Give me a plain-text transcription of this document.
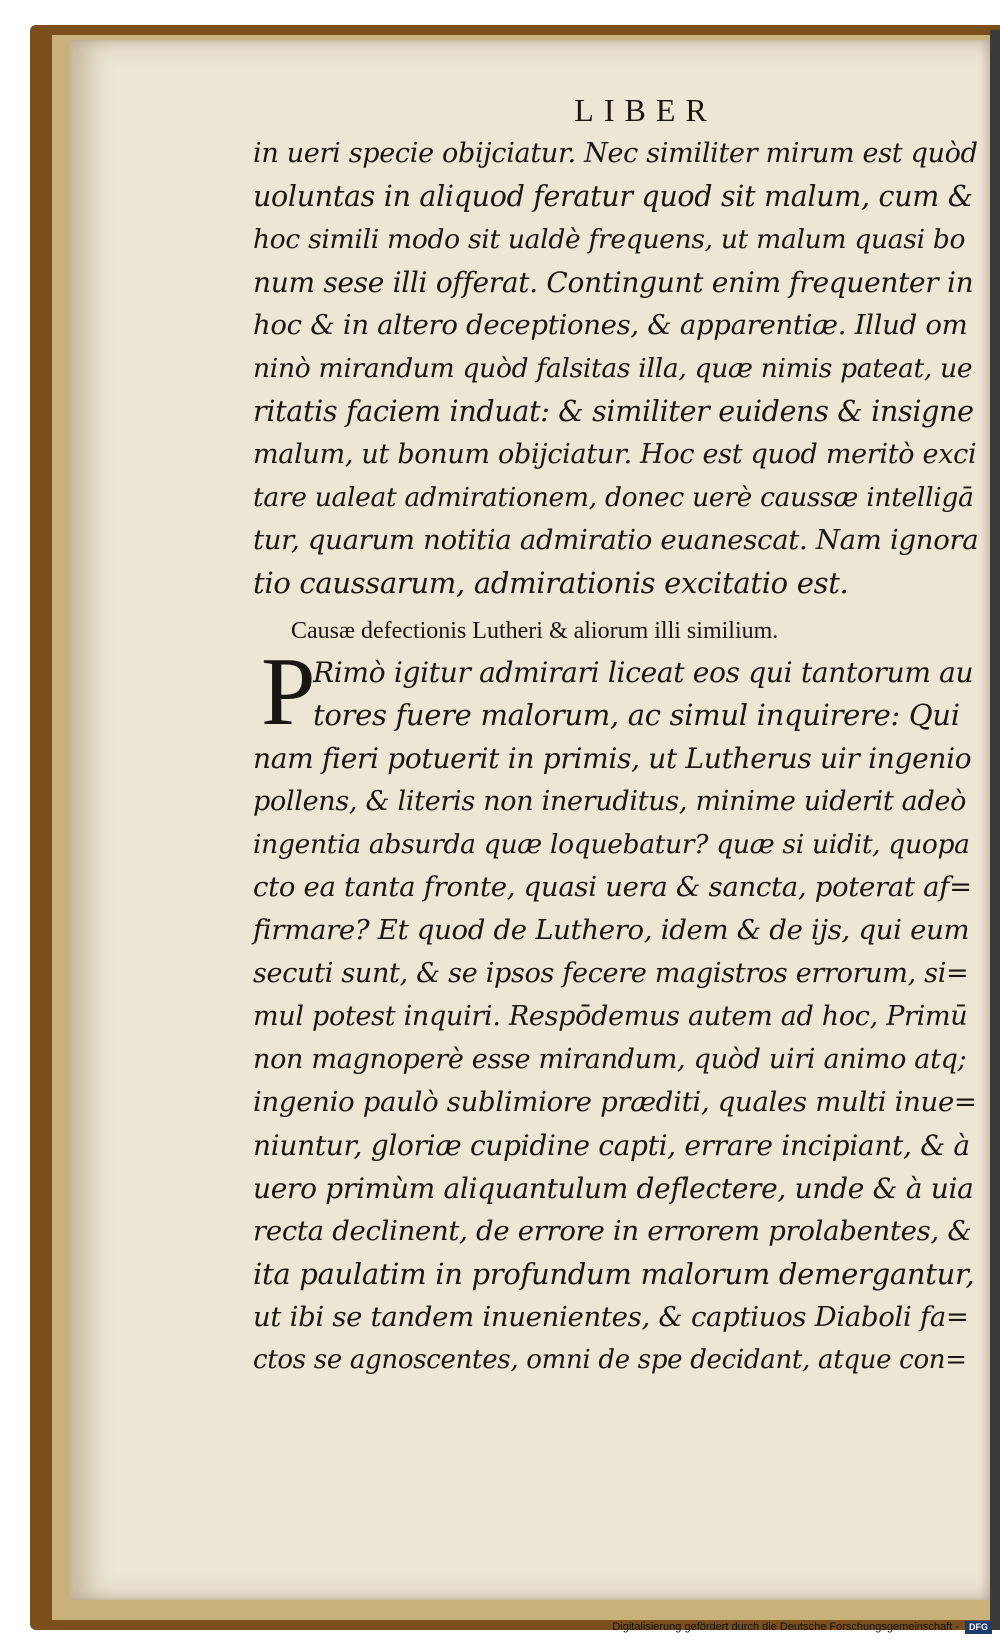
LIBER
in ueri specie obijciatur. Nec similiter mirum est quòd
uoluntas in aliquod feratur quod sit malum, cum &
hoc simili modo sit ualdè frequens, ut malum quasi bo
num sese illi offerat. Contingunt enim frequenter in
hoc & in altero deceptiones, & apparentiæ. Illud om
ninò mirandum quòd falsitas illa, quæ nimis pateat, ue
ritatis faciem induat: & similiter euidens & insigne
malum, ut bonum obijciatur. Hoc est quod meritò exci
tare ualeat admirationem, donec uerè caussæ intelligā
tur, quarum notitia admiratio euanescat. Nam ignora
tio caussarum, admirationis excitatio est.
Causæ defectionis Lutheri & aliorum illi similium.
P
Rimò igitur admirari liceat eos qui tantorum au
tores fuere malorum, ac simul inquirere: Qui
nam fieri potuerit in primis, ut Lutherus uir ingenio
pollens, & literis non ineruditus, minime uiderit adeò
ingentia absurda quæ loquebatur? quæ si uidit, quopa
cto ea tanta fronte, quasi uera & sancta, poterat af=
firmare? Et quod de Luthero, idem & de ijs, qui eum
secuti sunt, & se ipsos fecere magistros errorum, si=
mul potest inquiri. Respōdemus autem ad hoc, Primū
non magnoperè esse mirandum, quòd uiri animo atq;
ingenio paulò sublimiore præditi, quales multi inue=
niuntur, gloriæ cupidine capti, errare incipiant, & à
uero primùm aliquantulum deflectere, unde & à uia
recta declinent, de errore in errorem prolabentes, &
ita paulatim in profundum malorum demergantur,
ut ibi se tandem inuenientes, & captiuos Diaboli fa=
ctos se agnoscentes, omni de spe decidant, atque con=
Digitalisierung gefördert durch die Deutsche Forschungsgemeinschaft -	DFG
